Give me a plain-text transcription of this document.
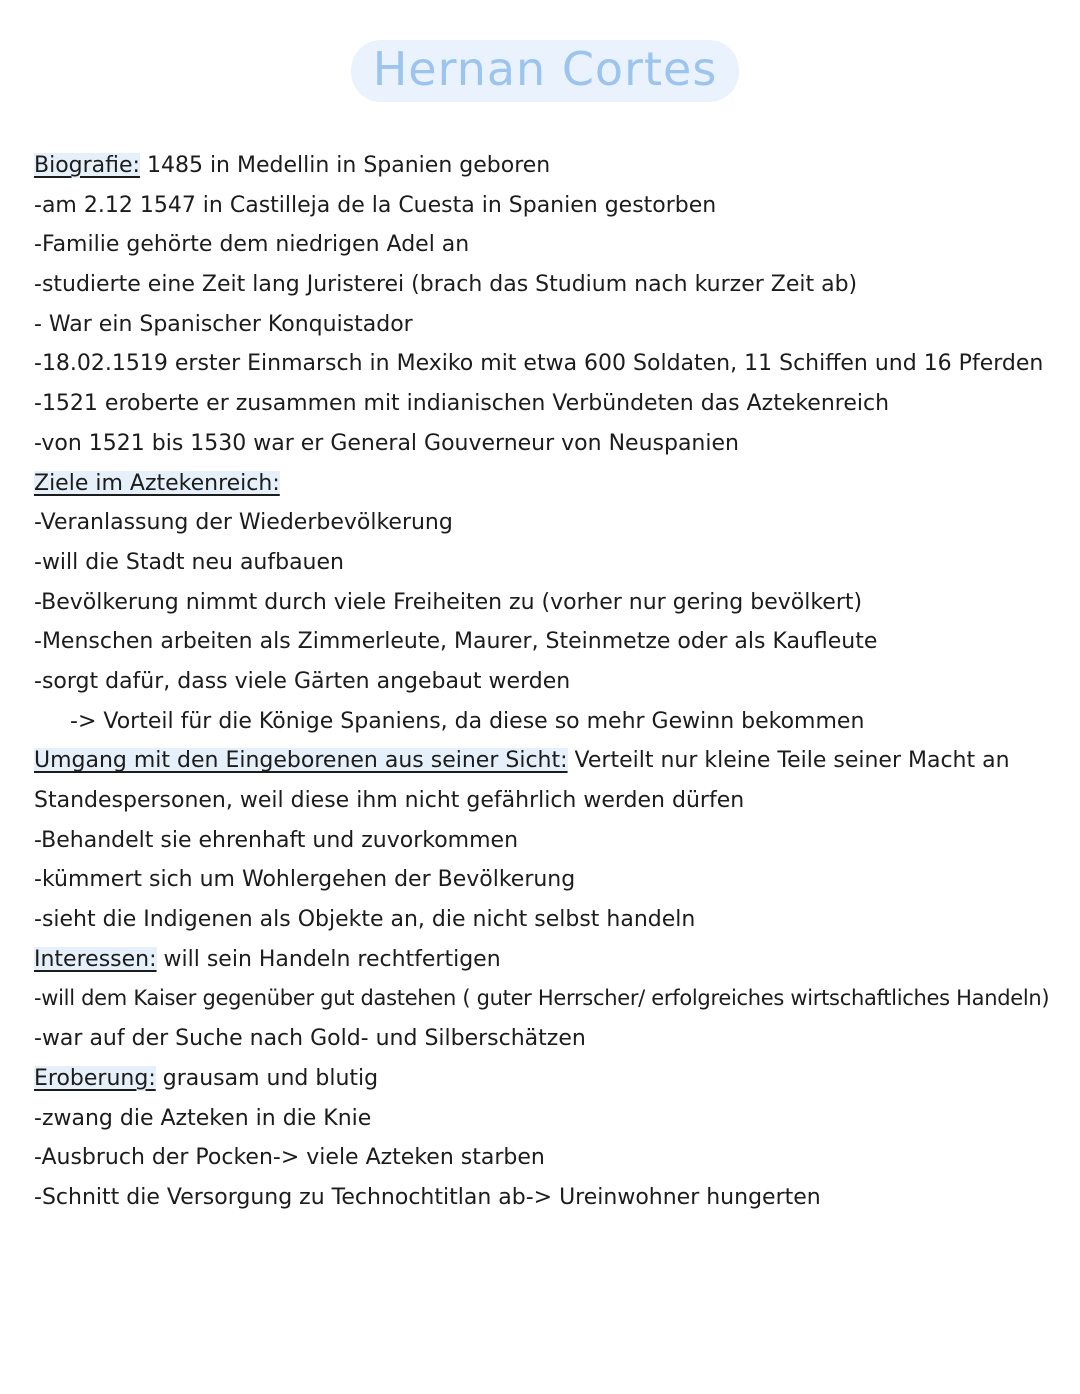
Hernan Cortes
Biografie: 1485 in Medellin in Spanien geboren
-am 2.12 1547 in Castilleja de la Cuesta in Spanien gestorben
-Familie gehörte dem niedrigen Adel an
-studierte eine Zeit lang Juristerei (brach das Studium nach kurzer Zeit ab)
- War ein Spanischer Konquistador
-18.02.1519 erster Einmarsch in Mexiko mit etwa 600 Soldaten, 11 Schiffen und 16 Pferden
-1521 eroberte er zusammen mit indianischen Verbündeten das Aztekenreich
-von 1521 bis 1530 war er General Gouverneur von Neuspanien
Ziele im Aztekenreich:
-Veranlassung der Wiederbevölkerung
-will die Stadt neu aufbauen
-Bevölkerung nimmt durch viele Freiheiten zu (vorher nur gering bevölkert)
-Menschen arbeiten als Zimmerleute, Maurer, Steinmetze oder als Kaufleute
-sorgt dafür, dass viele Gärten angebaut werden
-> Vorteil für die Könige Spaniens, da diese so mehr Gewinn bekommen
Umgang mit den Eingeborenen aus seiner Sicht: Verteilt nur kleine Teile seiner Macht an
Standespersonen, weil diese ihm nicht gefährlich werden dürfen
-Behandelt sie ehrenhaft und zuvorkommen
-kümmert sich um Wohlergehen der Bevölkerung
-sieht die Indigenen als Objekte an, die nicht selbst handeln
Interessen: will sein Handeln rechtfertigen
-will dem Kaiser gegenüber gut dastehen ( guter Herrscher/ erfolgreiches wirtschaftliches Handeln)
-war auf der Suche nach Gold- und Silberschätzen
Eroberung: grausam und blutig
-zwang die Azteken in die Knie
-Ausbruch der Pocken-> viele Azteken starben
-Schnitt die Versorgung zu Technochtitlan ab-> Ureinwohner hungerten
